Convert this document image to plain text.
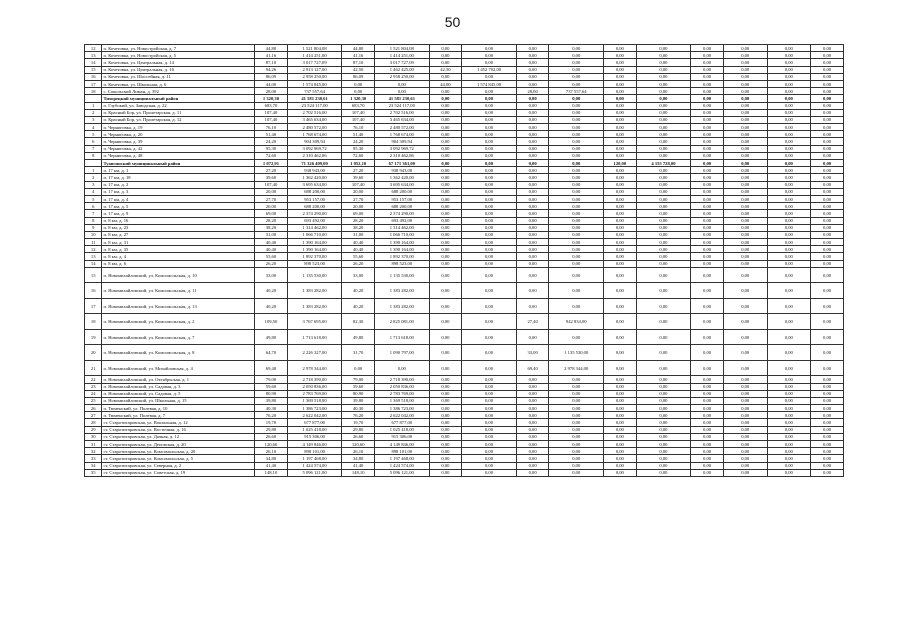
50
12	п. Кочетовка, ул. Новостройская, д. 7	44,80	1 521 804,08	44,80	1 521 804,08	0,00	0,00	0,00	0,00	0,00	0,00	0,00	0,00	0,00	0,00
13	п. Кочетовка, ул. Новостройская, д. 5	41,16	1 414 251,00	41,16	1 414 251,00	0,00	0,00	0,00	0,00	0,00	0,00	0,00	0,00	0,00	0,00
14	п. Кочетовка, ул. Центральная, д. 14	87,10	3 017 727,09	87,10	3 017 727,09	0,00	0,00	0,00	0,00	0,00	0,00	0,00	0,00	0,00	0,00
15	п. Кочетовка, ул. Центральная, д. 16	94,26	2 913 127,00	42,50	1 462 425,00	42,50	1 452 702,00	0,00	0,00	0,00	0,00	0,00	0,00	0,00	0,00
16	п. Кочетовка, ул. Шоссейная, д. 11	86,09	2 958 250,00	86,09	2 958 250,00	0,00	0,00	0,00	0,00	0,00	0,00	0,00	0,00	0,00	0,00
17	п. Кочетовка, ул. Школьная, д. 6	44,00	1 574 845,00	0,00	0,00	44,00	1 574 845,00	0,00	0,00	0,00	0,00	0,00	0,00	0,00	0,00
18	с. Сокольский Лиман, д. 392	28,00	737 557,64	0,00	0,00	0,00	0,00	28,00	737 557,64	0,00	0,00	0,00	0,00	0,00	0,00
	Тихорецкий муниципальный район	1 320,30	41 581 230,61	1 320,30	41 581 230,61	0,00	0,00	0,00	0,00	0,00	0,00	0,00	0,00	0,00	0,00
1	п. Глубокий, ул. Заводская, д. 22	683,70	23 524 117,00	683,70	23 524 117,00	0,00	0,00	0,00	0,00	0,00	0,00	0,00	0,00	0,00	0,00
2	п. Красный Бор, ул. Пролетарская, д. 11	107,40	2 702 516,00	107,40	2 702 516,00	0,00	0,00	0,00	0,00	0,00	0,00	0,00	0,00	0,00	0,00
3	п. Красный Бор, ул. Пролетарская, д. 12	107,40	3 465 634,00	107,40	3 465 634,00	0,00	0,00	0,00	0,00	0,00	0,00	0,00	0,00	0,00	0,00
4	п. Черниговка, д. 19	76,10	2 480 572,00	76,10	2 480 572,00	0,00	0,00	0,00	0,00	0,00	0,00	0,00	0,00	0,00	0,00
5	п. Черниговка, д. 20	51,40	1 768 674,00	51,40	1 768 674,00	0,00	0,00	0,00	0,00	0,00	0,00	0,00	0,00	0,00	0,00
6	п. Черниговка, д. 39	24,20	904 309,94	24,20	904 309,94	0,00	0,00	0,00	0,00	0,00	0,00	0,00	0,00	0,00	0,00
7	п. Черниговка, д. 42	95,30	3 092 969,72	95,30	3 092 969,72	0,00	0,00	0,00	0,00	0,00	0,00	0,00	0,00	0,00	0,00
8	п. Черниговка, д. 48	72,60	2 310 462,86	72,60	2 310 462,86	0,00	0,00	0,00	0,00	0,00	0,00	0,00	0,00	0,00	0,00
	Туапсинский муниципальный район	1 072,91	71 326 409,00	1 052,10	67 171 361,00	0,00	0,00	0,00	0,00	120,00	4 155 728,00	0,00	0,00	0,00	0,00
1	п. 17 км, д. 1	27,20	938 943,00	27,20	938 943,00	0,00	0,00	0,00	0,00	0,00	0,00	0,00	0,00	0,00	0,00
2	п. 17 км, д. 18	39,60	1 362 420,00	39,60	1 362 420,00	0,00	0,00	0,00	0,00	0,00	0,00	0,00	0,00	0,00	0,00
3	п. 17 км, д. 2	107,40	3 695 634,00	107,40	3 695 634,00	0,00	0,00	0,00	0,00	0,00	0,00	0,00	0,00	0,00	0,00
4	п. 17 км, д. 3	20,00	688 200,00	20,00	688 200,00	0,00	0,00	0,00	0,00	0,00	0,00	0,00	0,00	0,00	0,00
5	п. 17 км, д. 4	27,70	953 157,00	27,70	953 157,00	0,00	0,00	0,00	0,00	0,00	0,00	0,00	0,00	0,00	0,00
6	п. 17 км, д. 5	20,00	688 200,00	20,00	688 200,00	0,00	0,00	0,00	0,00	0,00	0,00	0,00	0,00	0,00	0,00
7	п. 17 км, д. 9	69,00	2 374 290,00	69,00	2 374 290,00	0,00	0,00	0,00	0,00	0,00	0,00	0,00	0,00	0,00	0,00
8	п. 8 км, д. 16	28,20	693 492,00	28,20	693 492,00	0,00	0,00	0,00	0,00	0,00	0,00	0,00	0,00	0,00	0,00
9	п. 8 км, д. 23	38,20	1 314 462,00	38,20	1 314 462,00	0,00	0,00	0,00	0,00	0,00	0,00	0,00	0,00	0,00	0,00
10	п. 8 км, д. 27	31,00	1 066 710,00	31,00	1 066 710,00	0,00	0,00	0,00	0,00	0,00	0,00	0,00	0,00	0,00	0,00
11	п. 8 км, д. 31	40,40	1 390 164,00	40,40	1 390 164,00	0,00	0,00	0,00	0,00	0,00	0,00	0,00	0,00	0,00	0,00
12	п. 8 км, д. 35	40,40	1 390 164,00	40,40	1 390 164,00	0,00	0,00	0,00	0,00	0,00	0,00	0,00	0,00	0,00	0,00
13	п. 8 км, д. 4	55,60	1 892 370,00	55,60	1 892 370,00	0,00	0,00	0,00	0,00	0,00	0,00	0,00	0,00	0,00	0,00
14	п. 8 км, д. 6	26,20	898 523,00	26,20	898 523,00	0,00	0,00	0,00	0,00	0,00	0,00	0,00	0,00	0,00	0,00
15	п. Новомихайловский, ул. Комсомольская, д. 10	33,00	1 135 530,00	33,00	1 135 530,00	0,00	0,00	0,00	0,00	0,00	0,00	0,00	0,00	0,00	0,00
16	п. Новомихайловский, ул. Комсомольская, д. 11	40,20	1 383 282,00	40,20	1 383 282,00	0,00	0,00	0,00	0,00	0,00	0,00	0,00	0,00	0,00	0,00
17	п. Новомихайловский, ул. Комсомольская, д. 13	40,20	1 383 282,00	40,20	1 383 282,00	0,00	0,00	0,00	0,00	0,00	0,00	0,00	0,00	0,00	0,00
18	п. Новомихайловский, ул. Комсомольская, д. 2	109,50	3 767 695,00	82,30	2 825 081,00	0,00	0,00	27,40	942 834,00	0,00	0,00	0,00	0,00	0,00	0,00
19	п. Новомихайловский, ул. Комсомольская, д. 7	49,80	1 713 618,00	49,80	1 713 618,00	0,00	0,00	0,00	0,00	0,00	0,00	0,00	0,00	0,00	0,00
20	п. Новомихайловский, ул. Комсомольская, д. 8	64,70	2 226 327,00	31,70	1 090 797,00	0,00	0,00	33,00	1 135 530,00	0,00	0,00	0,00	0,00	0,00	0,00
21	п. Новомихайловский, ул. Михайловская, д. 4	69,40	2 978 344,00	0,00	0,00	0,00	0,00	69,40	2 978 344,00	0,00	0,00	0,00	0,00	0,00	0,00
22	п. Новомихайловский, ул. Октябрьская, д. 1	79,00	2 718 390,00	79,00	2 718 390,00	0,00	0,00	0,00	0,00	0,00	0,00	0,00	0,00	0,00	0,00
23	п. Новомихайловский, ул. Садовая, д. 3	59,60	2 050 836,00	59,60	2 050 836,00	0,00	0,00	0,00	0,00	0,00	0,00	0,00	0,00	0,00	0,00
24	п. Новомихайловский, ул. Садовая, д. 5	80,90	2 783 769,00	80,90	2 783 769,00	0,00	0,00	0,00	0,00	0,00	0,00	0,00	0,00	0,00	0,00
25	п. Новомихайловский, ул. Школьная, д. 15	39,80	1 369 518,00	39,80	1 369 518,00	0,00	0,00	0,00	0,00	0,00	0,00	0,00	0,00	0,00	0,00
26	п. Тюменский, ул. Полевая, д. 10	40,30	1 386 723,00	40,30	1 386 723,00	0,00	0,00	0,00	0,00	0,00	0,00	0,00	0,00	0,00	0,00
27	п. Тюменский, ул. Полевая, д. 7	76,20	2 622 042,00	76,20	2 622 042,00	0,00	0,00	0,00	0,00	0,00	0,00	0,00	0,00	0,00	0,00
28	ст. Старотитаровская, ул. Вокзальная, д. 12	19,70	677 877,00	19,70	677 877,00	0,00	0,00	0,00	0,00	0,00	0,00	0,00	0,00	0,00	0,00
29	ст. Старотитаровская, ул. Восточная, д. 16	29,80	1 025 418,00	29,80	1 025 418,00	0,00	0,00	0,00	0,00	0,00	0,00	0,00	0,00	0,00	0,00
30	ст. Старотитаровская, ул. Дачная, д. 12	26,60	915 306,00	26,60	915 306,00	0,00	0,00	0,00	0,00	0,00	0,00	0,00	0,00	0,00	0,00
31	ст. Старотитаровская, ул. Деповская, д. 20	120,60	4 149 846,00	120,60	4 149 846,00	0,00	0,00	0,00	0,00	0,00	0,00	0,00	0,00	0,00	0,00
32	ст. Старотитаровская, ул. Комсомольская, д. 20	26,10	898 101,00	26,10	898 101,00	0,00	0,00	0,00	0,00	0,00	0,00	0,00	0,00	0,00	0,00
33	ст. Старотитаровская, ул. Комсомольская, д. 5	34,80	1 197 468,00	34,80	1 197 468,00	0,00	0,00	0,00	0,00	0,00	0,00	0,00	0,00	0,00	0,00
34	ст. Старотитаровская, ул. Северная, д. 2	41,40	1 424 574,00	41,40	1 424 574,00	0,00	0,00	0,00	0,00	0,00	0,00	0,00	0,00	0,00	0,00
35	ст. Старотитаровская, ул. Советская, д. 19	148,10	5 096 121,00	148,10	5 096 121,00	0,00	0,00	0,00	0,00	0,00	0,00	0,00	0,00	0,00	0,00
